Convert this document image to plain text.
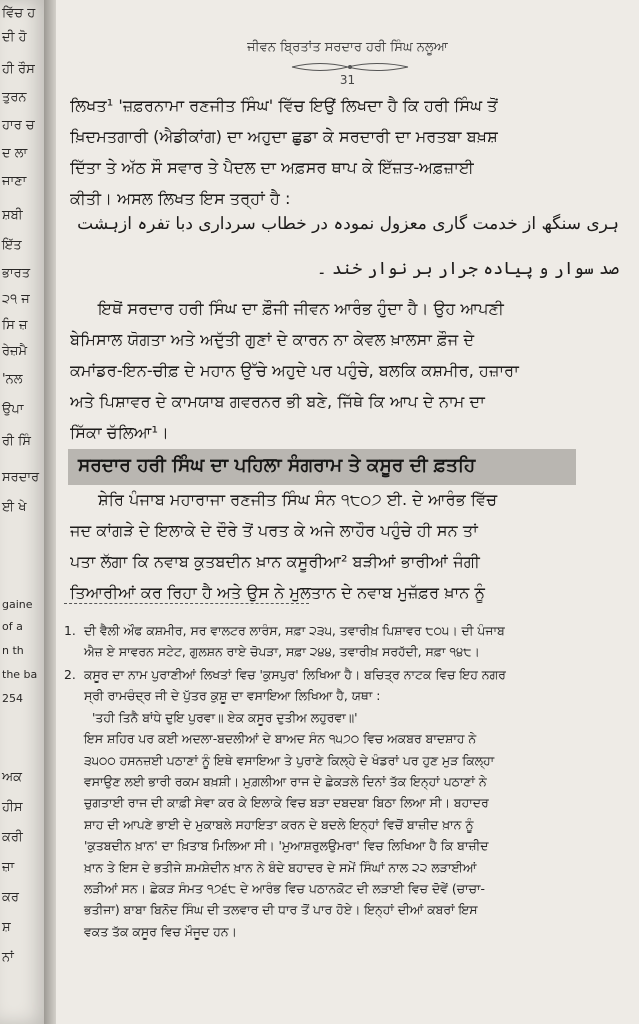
ਵਿੱਚ ਹ
ਦੀ ਹੋ
ਹੀ ਰੌਸ
ਤੁਰਨ
ਹਾਰ ਚ
ਦ ਲਾ
ਜਾਣਾ
ਸ਼ਬੀ
ਇੱਤ
ਭਾਰਤ
੨੧ ਜ
ਸਿ ਜ਼
ਰੇਜ਼ਮੈ
'ਨਲ
ਉਪਾ
ਰੀ ਸਿੰ
ਸਰਦਾਰ
ਈ ਖੇ
gaine
of a
n th
the ba
254
ਅਕ
ਹੀਸ
ਕਰੀ
ਜ਼ਾ
ਕਰ
ਸ਼
ਨਾਂ
ਜੀਵਨ ਬ੍ਰਿਤਾਂਤ ਸਰਦਾਰ ਹਰੀ ਸਿੰਘ ਨਲੂਆ
31
ਲਿਖਤ¹ 'ਜ਼ਫ਼ਰਨਾਮਾ ਰਣਜੀਤ ਸਿੰਘ' ਵਿੱਚ ਇਉਂ ਲਿਖਦਾ ਹੈ ਕਿ ਹਰੀ ਸਿੰਘ ਤੋਂ
ਖ਼ਿਦਮਤਗਾਰੀ (ਐਡੀਕਾਂਗ) ਦਾ ਅਹੁਦਾ ਛੁਡਾ ਕੇ ਸਰਦਾਰੀ ਦਾ ਮਰਤਬਾ ਬਖ਼ਸ਼
ਦਿੱਤਾ ਤੇ ਅੱਠ ਸੌ ਸਵਾਰ ਤੇ ਪੈਦਲ ਦਾ ਅਫ਼ਸਰ ਥਾਪ ਕੇ ਇੱਜ਼ਤ-ਅਫ਼ਜ਼ਾਈ
ਕੀਤੀ। ਅਸਲ ਲਿਖਤ ਇਸ ਤਰ੍ਹਾਂ ਹੈ :
ہری سنگھ از خدمت گاری معزول نمودہ در خطاب سرداری دبا تفرہ ازہشت
صد سوار و پیادہ جرار بر نوار خند ۔
ਇਥੋਂ ਸਰਦਾਰ ਹਰੀ ਸਿੰਘ ਦਾ ਫ਼ੌਜੀ ਜੀਵਨ ਆਰੰਭ ਹੁੰਦਾ ਹੈ। ਉਹ ਆਪਣੀ
ਬੇਮਿਸਾਲ ਯੋਗਤਾ ਅਤੇ ਅਦੁੱਤੀ ਗੁਣਾਂ ਦੇ ਕਾਰਨ ਨਾ ਕੇਵਲ ਖ਼ਾਲਸਾ ਫ਼ੌਜ ਦੇ
ਕਮਾਂਡਰ-ਇਨ-ਚੀਫ਼ ਦੇ ਮਹਾਨ ਉੱਚੇ ਅਹੁਦੇ ਪਰ ਪਹੁੰਚੇ, ਬਲਕਿ ਕਸ਼ਮੀਰ, ਹਜ਼ਾਰਾ
ਅਤੇ ਪਿਸ਼ਾਵਰ ਦੇ ਕਾਮਯਾਬ ਗਵਰਨਰ ਭੀ ਬਣੇ, ਜਿੱਥੇ ਕਿ ਆਪ ਦੇ ਨਾਮ ਦਾ
ਸਿੱਕਾ ਚੱਲਿਆ¹।
ਸਰਦਾਰ ਹਰੀ ਸਿੰਘ ਦਾ ਪਹਿਲਾ ਸੰਗਰਾਮ ਤੇ ਕਸੂਰ ਦੀ ਫ਼ਤਹਿ
ਸ਼ੇਰਿ ਪੰਜਾਬ ਮਹਾਰਾਜਾ ਰਣਜੀਤ ਸਿੰਘ ਸੰਨ ੧੮੦੭ ਈ. ਦੇ ਆਰੰਭ ਵਿੱਚ
ਜਦ ਕਾਂਗੜੇ ਦੇ ਇਲਾਕੇ ਦੇ ਦੌਰੇ ਤੋਂ ਪਰਤ ਕੇ ਅਜੇ ਲਾਹੌਰ ਪਹੁੰਚੇ ਹੀ ਸਨ ਤਾਂ
ਪਤਾ ਲੱਗਾ ਕਿ ਨਵਾਬ ਕੁਤਬਦੀਨ ਖ਼ਾਨ ਕਸੂਰੀਆ² ਬੜੀਆਂ ਭਾਰੀਆਂ ਜੰਗੀ
ਤਿਆਰੀਆਂ ਕਰ ਰਿਹਾ ਹੈ ਅਤੇ ਉਸ ਨੇ ਮੁਲਤਾਨ ਦੇ ਨਵਾਬ ਮੁਜ਼ੱਫ਼ਰ ਖ਼ਾਨ ਨੂੰ
1. ਦੀ ਵੈਲੀ ਔਫ ਕਸ਼ਮੀਰ, ਸਰ ਵਾਲਟਰ ਲਾਰੰਸ, ਸਫ਼ਾ ੨੩੫, ਤਵਾਰੀਖ਼ ਪਿਸ਼ਾਵਰ ੮੦੫। ਦੀ ਪੰਜਾਬ
ਐਜ਼ ਏ ਸਾਵਰਨ ਸਟੇਟ, ਗੁਲਸ਼ਨ ਰਾਏ ਚੋਪੜਾ, ਸਫ਼ਾ ੨੪੪, ਤਵਾਰੀਖ਼ ਸਰਹੱਦੀ, ਸਫ਼ਾ ੧੪੮।
2. ਕਸੂਰ ਦਾ ਨਾਮ ਪੁਰਾਣੀਆਂ ਲਿਖਤਾਂ ਵਿਚ 'ਕੁਸਪੁਰ' ਲਿਖਿਆ ਹੈ। ਬਚਿਤ੍ਰ ਨਾਟਕ ਵਿਚ ਇਹ ਨਗਰ
ਸ੍ਰੀ ਰਾਮਚੰਦ੍ਰ ਜੀ ਦੇ ਪੁੱਤਰ ਕੁਸ਼ੂ ਦਾ ਵਸਾਇਆ ਲਿਖਿਆ ਹੈ, ਯਥਾ :
'ਤਹੀ ਤਿਨੈ ਬਾਂਧੇ ਦੁਇ ਪੁਰਵਾ॥ ਏਕ ਕਸੂਰ ਦੁਤੀਅ ਲਹੁਰਵਾ॥'
ਇਸ ਸ਼ਹਿਰ ਪਰ ਕਈ ਅਦਲਾ-ਬਦਲੀਆਂ ਦੇ ਬਾਅਦ ਸੰਨ ੧੫੭੦ ਵਿਚ ਅਕਬਰ ਬਾਦਸ਼ਾਹ ਨੇ
੩੫੦੦ ਹਸਨਜ਼ਈ ਪਠਾਣਾਂ ਨੂੰ ਇਥੇ ਵਸਾਇਆ ਤੇ ਪੁਰਾਣੇ ਕਿਲ੍ਹੇ ਦੇ ਖੰਡਰਾਂ ਪਰ ਹੁਣ ਮੁੜ ਕਿਲ੍ਹਾ
ਵਸਾਉਣ ਲਈ ਭਾਰੀ ਰਕਮ ਬਖ਼ਸ਼ੀ। ਮੁਗ਼ਲੀਆ ਰਾਜ ਦੇ ਛੇਕੜਲੇ ਦਿਨਾਂ ਤੱਕ ਇਨ੍ਹਾਂ ਪਠਾਣਾਂ ਨੇ
ਚੁਗਤਾਈ ਰਾਜ ਦੀ ਕਾਫ਼ੀ ਸੇਵਾ ਕਰ ਕੇ ਇਲਾਕੇ ਵਿਚ ਬੜਾ ਦਬਦਬਾ ਬਿਠਾ ਲਿਆ ਸੀ। ਬਹਾਦਰ
ਸ਼ਾਹ ਦੀ ਆਪਣੇ ਭਾਈ ਦੇ ਮੁਕਾਬਲੇ ਸਹਾਇਤਾ ਕਰਨ ਦੇ ਬਦਲੇ ਇਨ੍ਹਾਂ ਵਿਚੋਂ ਬਾਜ਼ੀਦ ਖ਼ਾਨ ਨੂੰ
'ਕੁਤਬਦੀਨ ਖ਼ਾਨ' ਦਾ ਖ਼ਿਤਾਬ ਮਿਲਿਆ ਸੀ। 'ਮੁਆਸ਼ਰੁਲਉਮਰਾ' ਵਿਚ ਲਿਖਿਆ ਹੈ ਕਿ ਬਾਜ਼ੀਦ
ਖ਼ਾਨ ਤੇ ਇਸ ਦੇ ਭਤੀਜੇ ਸ਼ਮਸ਼ੇਦੀਨ ਖ਼ਾਨ ਨੇ ਬੰਦੇ ਬਹਾਦਰ ਦੇ ਸਮੇਂ ਸਿੰਘਾਂ ਨਾਲ ੨੨ ਲੜਾਈਆਂ
ਲੜੀਆਂ ਸਨ। ਛੇਕੜ ਸੰਮਤ ੧੭੬੮ ਦੇ ਆਰੰਭ ਵਿਚ ਪਠਾਨਕੋਟ ਦੀ ਲੜਾਈ ਵਿਚ ਦੋਵੇਂ (ਚਾਚਾ-
ਭਤੀਜਾ) ਬਾਬਾ ਬਿਨੋਦ ਸਿੰਘ ਦੀ ਤਲਵਾਰ ਦੀ ਧਾਰ ਤੋਂ ਪਾਰ ਹੋਏ। ਇਨ੍ਹਾਂ ਦੀਆਂ ਕਬਰਾਂ ਇਸ
ਵਕਤ ਤੱਕ ਕਸੂਰ ਵਿਚ ਮੌਜੂਦ ਹਨ।
